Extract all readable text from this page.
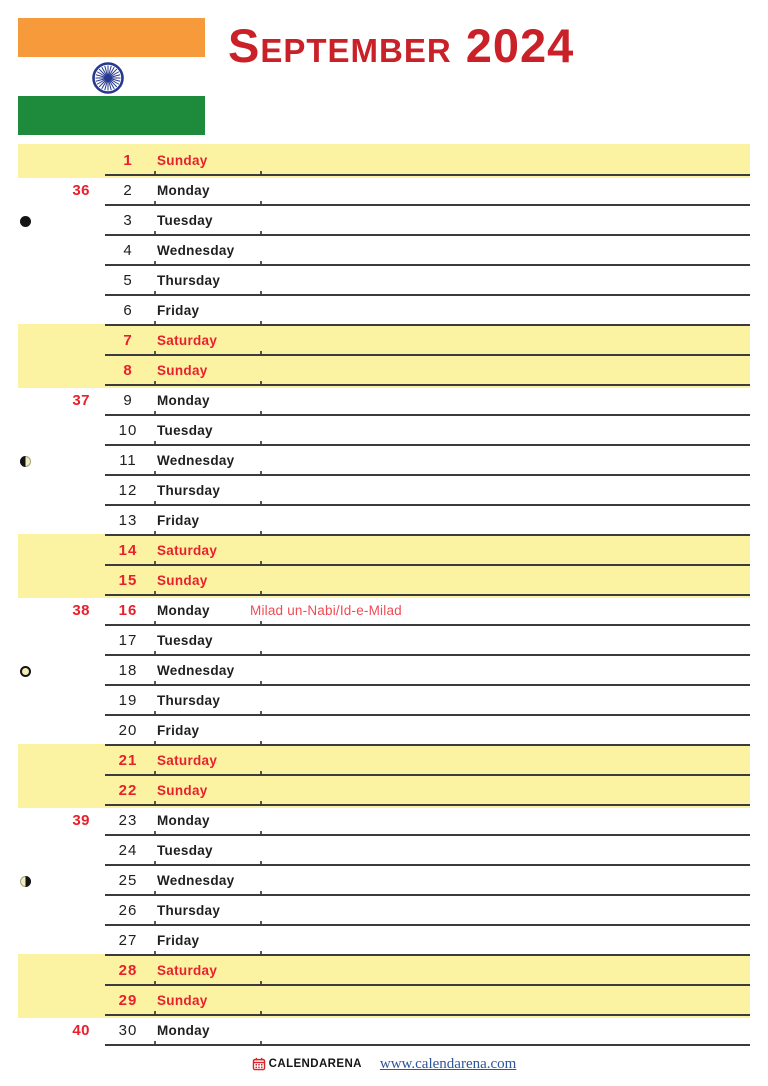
September 2024
1	Sunday
36	2	Monday
3	Tuesday
4	Wednesday
5	Thursday
6	Friday
7	Saturday
8	Sunday
37	9	Monday
10	Tuesday
11	Wednesday
12	Thursday
13	Friday
14	Saturday
15	Sunday
38	16	Monday	Milad un-Nabi/Id-e-Milad
17	Tuesday
18	Wednesday
19	Thursday
20	Friday
21	Saturday
22	Sunday
39	23	Monday
24	Tuesday
25	Wednesday
26	Thursday
27	Friday
28	Saturday
29	Sunday
40	30	Monday
CALENDARENA www.calendarena.com
